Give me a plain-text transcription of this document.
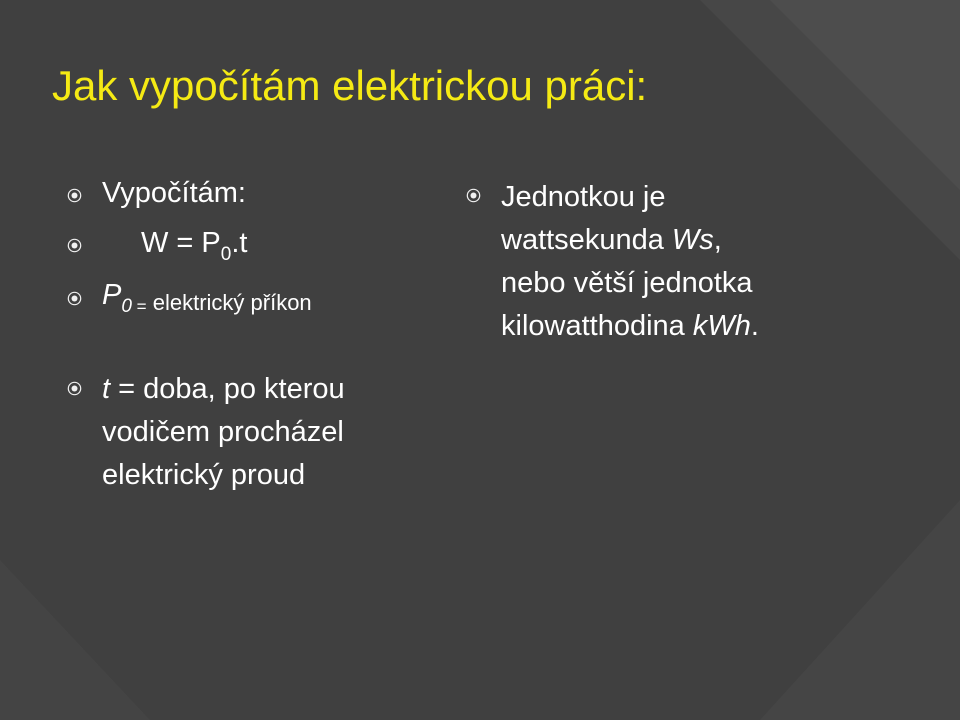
Jak vypočítám elektrickou práci:
Vypočítám:
$W = P_0.t$
$P_0$ $_=$ $_{elektrický příkon}$
t = doba, po kterou
vodičem procházel
elektrický proud
Jednotkou je
wattsekunda Ws,
nebo větší jednotka
kilowatthodina kWh.
